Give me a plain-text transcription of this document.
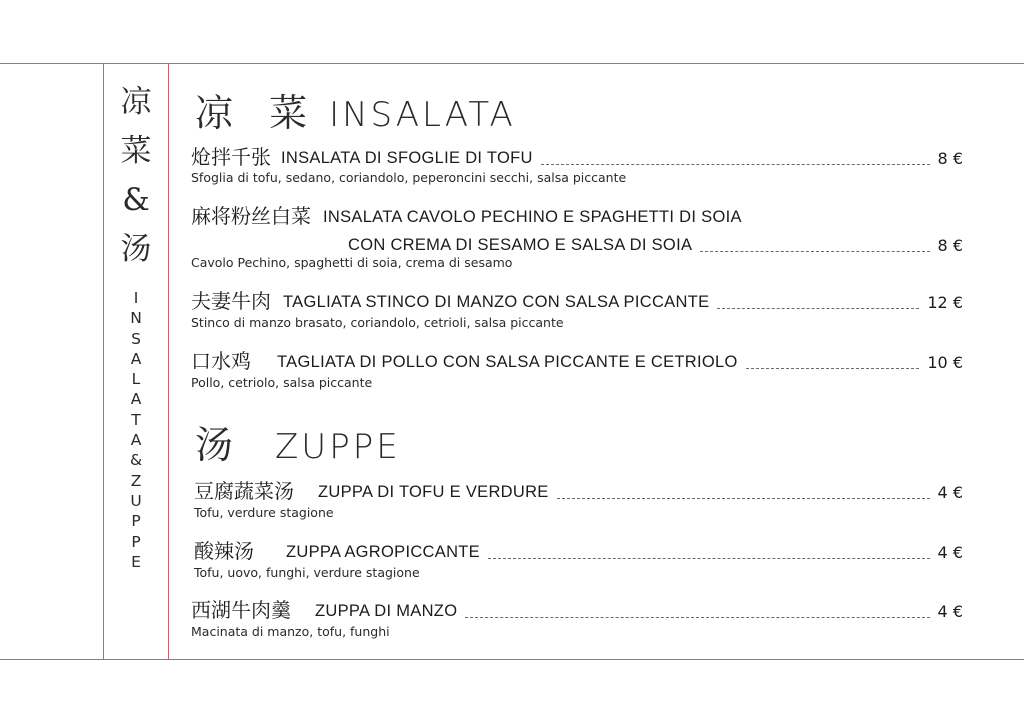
凉
菜
&
汤
I
N
S
A
L
A
T
A
&
Z
U
P
P
E
凉 菜 INSALATA
炝拌千张 INSALATA DI SFOGLIE DI TOFU	8 €
Sfoglia di tofu, sedano, coriandolo, peperoncini secchi, salsa piccante
麻将粉丝白菜 INSALATA CAVOLO PECHINO E SPAGHETTI DI SOIA
CON CREMA DI SESAMO E SALSA DI SOIA	8 €
Cavolo Pechino, spaghetti di soia, crema di sesamo
夫妻牛肉 TAGLIATA STINCO DI MANZO CON SALSA PICCANTE	12 €
Stinco di manzo brasato, coriandolo, cetrioli, salsa piccante
口水鸡 TAGLIATA DI POLLO CON SALSA PICCANTE E CETRIOLO	10 €
Pollo, cetriolo, salsa piccante
汤 ZUPPE
豆腐蔬菜汤 ZUPPA DI TOFU E VERDURE	4 €
Tofu, verdure stagione
酸辣汤 ZUPPA AGROPICCANTE	4 €
Tofu, uovo, funghi, verdure stagione
西湖牛肉羹 ZUPPA DI MANZO	4 €
Macinata di manzo, tofu, funghi
